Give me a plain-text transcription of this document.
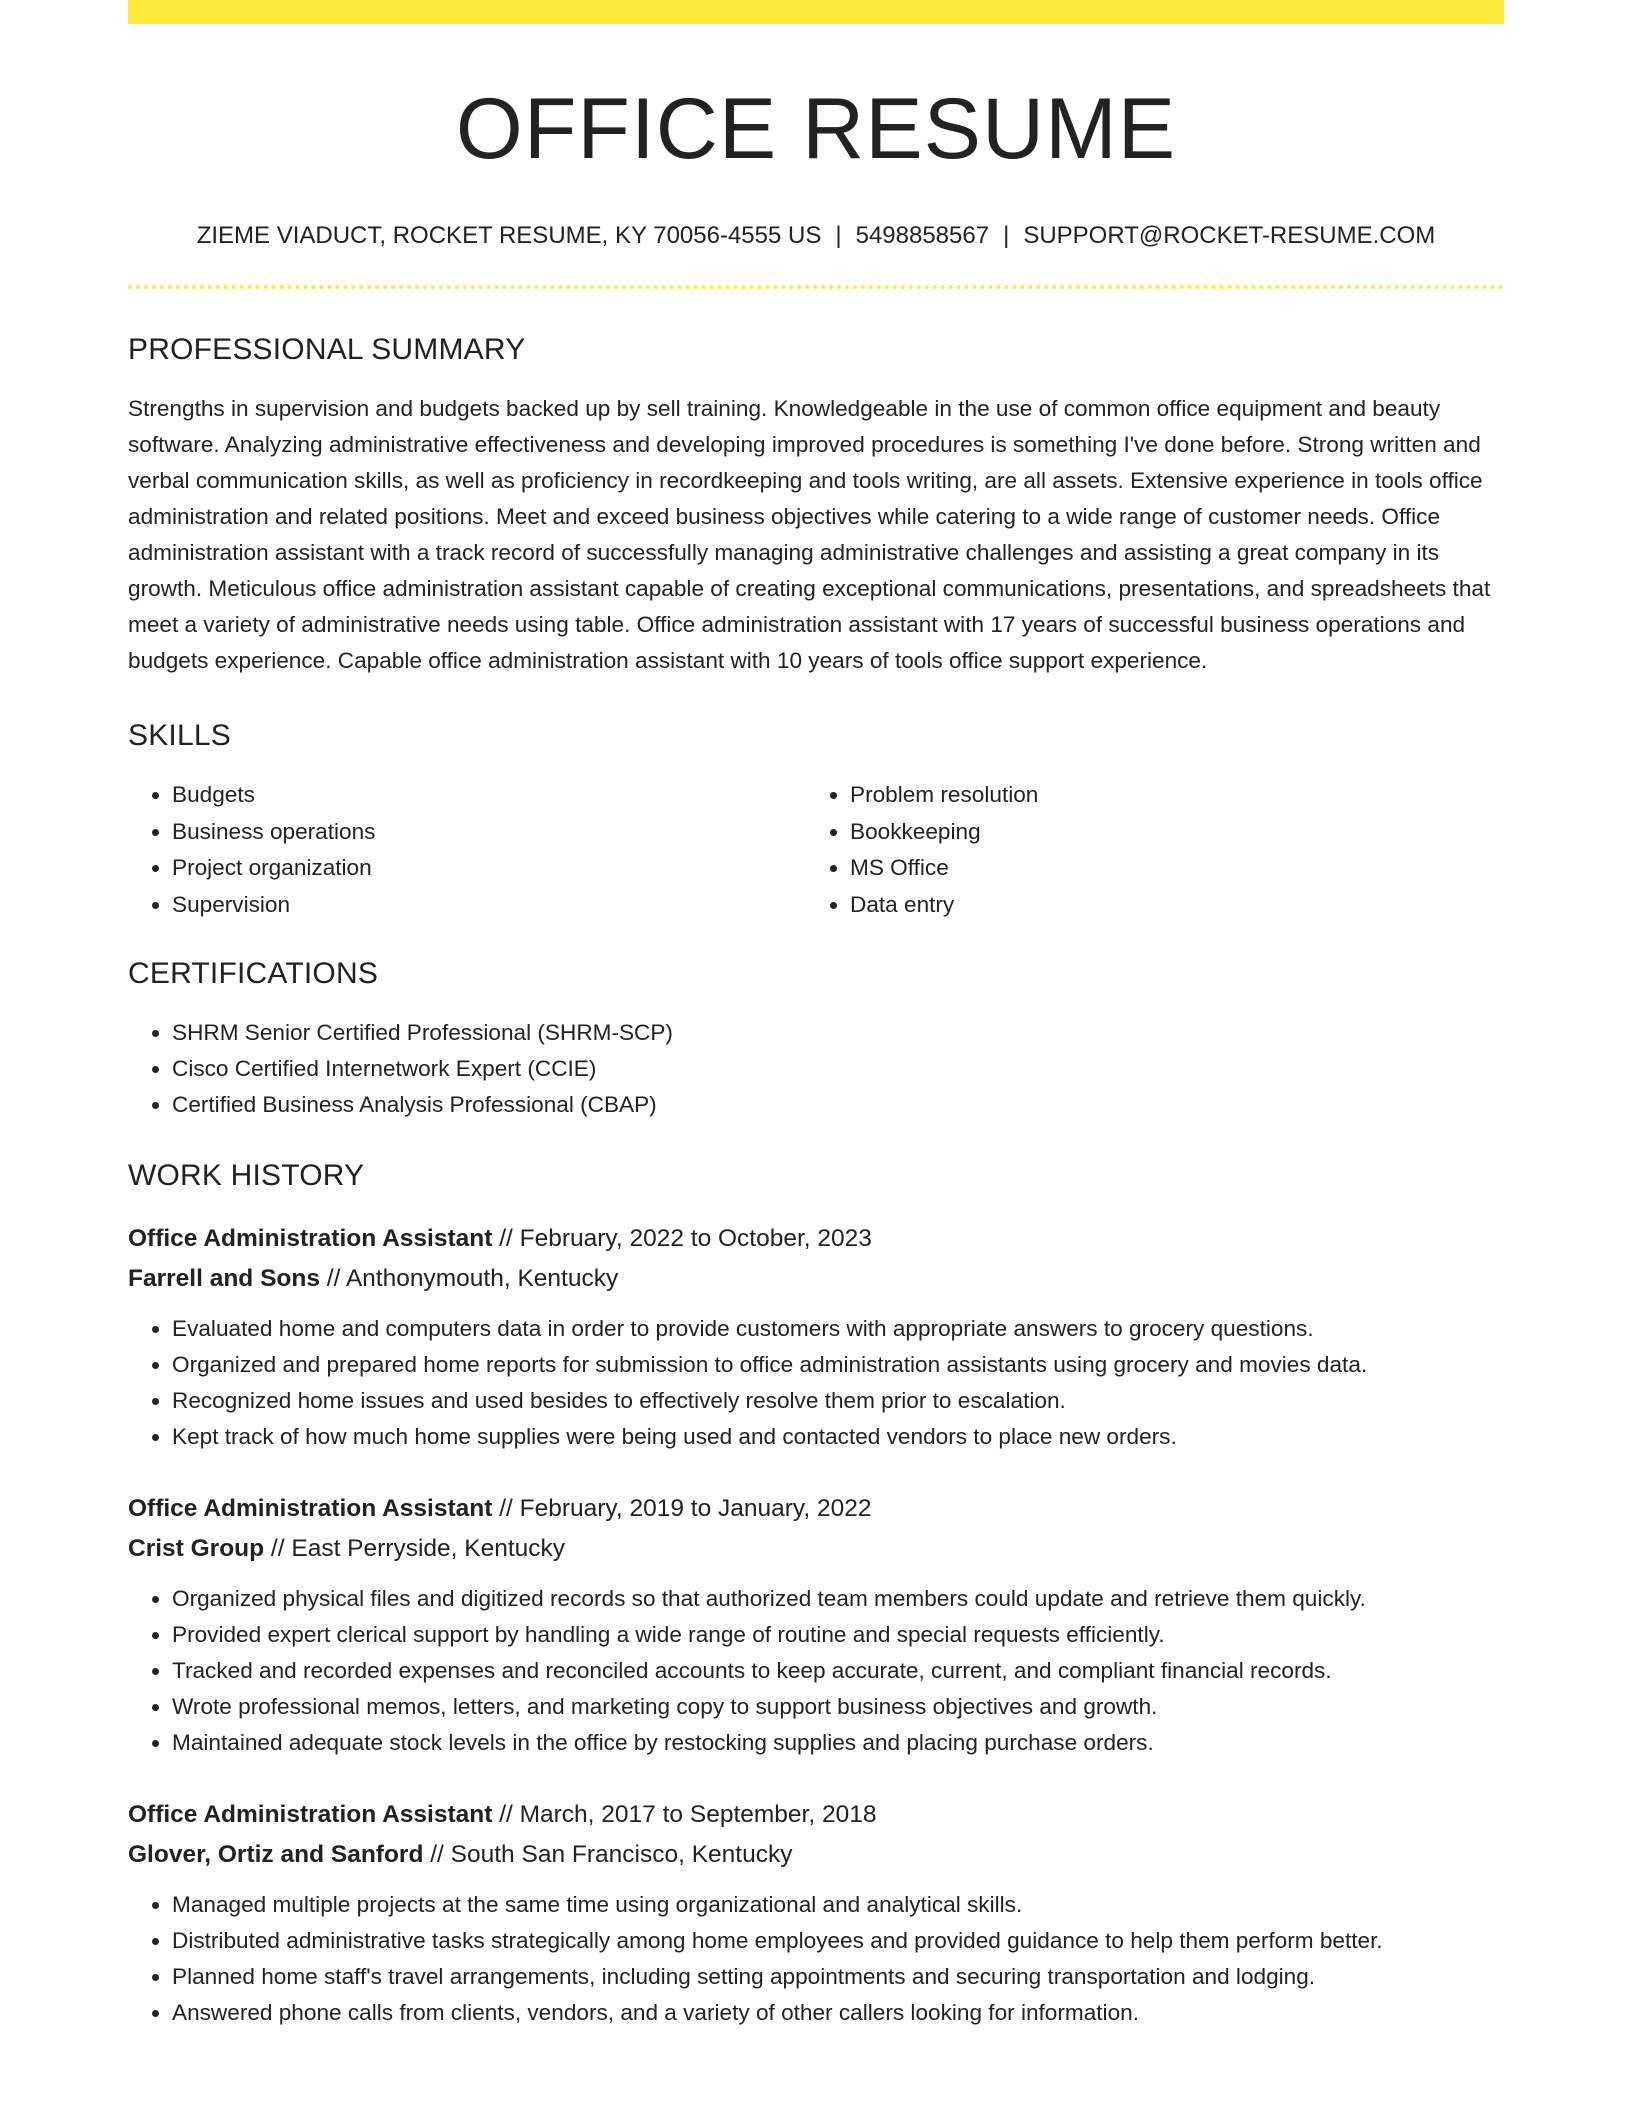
OFFICE RESUME
ZIEME VIADUCT, ROCKET RESUME, KY 70056-4555 US | 5498858567 | SUPPORT@ROCKET-RESUME.COM
PROFESSIONAL SUMMARY
Strengths in supervision and budgets backed up by sell training. Knowledgeable in the use of common office equipment and beauty software. Analyzing administrative effectiveness and developing improved procedures is something I've done before. Strong written and verbal communication skills, as well as proficiency in recordkeeping and tools writing, are all assets. Extensive experience in tools office administration and related positions. Meet and exceed business objectives while catering to a wide range of customer needs. Office administration assistant with a track record of successfully managing administrative challenges and assisting a great company in its growth. Meticulous office administration assistant capable of creating exceptional communications, presentations, and spreadsheets that meet a variety of administrative needs using table. Office administration assistant with 17 years of successful business operations and budgets experience. Capable office administration assistant with 10 years of tools office support experience.
SKILLS
• Budgets
• Business operations
• Project organization
• Supervision
• Problem resolution
• Bookkeeping
• MS Office
• Data entry
CERTIFICATIONS
• SHRM Senior Certified Professional (SHRM-SCP)
• Cisco Certified Internetwork Expert (CCIE)
• Certified Business Analysis Professional (CBAP)
WORK HISTORY
Office Administration Assistant // February, 2022 to October, 2023
Farrell and Sons // Anthonymouth, Kentucky
• Evaluated home and computers data in order to provide customers with appropriate answers to grocery questions.
• Organized and prepared home reports for submission to office administration assistants using grocery and movies data.
• Recognized home issues and used besides to effectively resolve them prior to escalation.
• Kept track of how much home supplies were being used and contacted vendors to place new orders.
Office Administration Assistant // February, 2019 to January, 2022
Crist Group // East Perryside, Kentucky
• Organized physical files and digitized records so that authorized team members could update and retrieve them quickly.
• Provided expert clerical support by handling a wide range of routine and special requests efficiently.
• Tracked and recorded expenses and reconciled accounts to keep accurate, current, and compliant financial records.
• Wrote professional memos, letters, and marketing copy to support business objectives and growth.
• Maintained adequate stock levels in the office by restocking supplies and placing purchase orders.
Office Administration Assistant // March, 2017 to September, 2018
Glover, Ortiz and Sanford // South San Francisco, Kentucky
• Managed multiple projects at the same time using organizational and analytical skills.
• Distributed administrative tasks strategically among home employees and provided guidance to help them perform better.
• Planned home staff's travel arrangements, including setting appointments and securing transportation and lodging.
• Answered phone calls from clients, vendors, and a variety of other callers looking for information.
